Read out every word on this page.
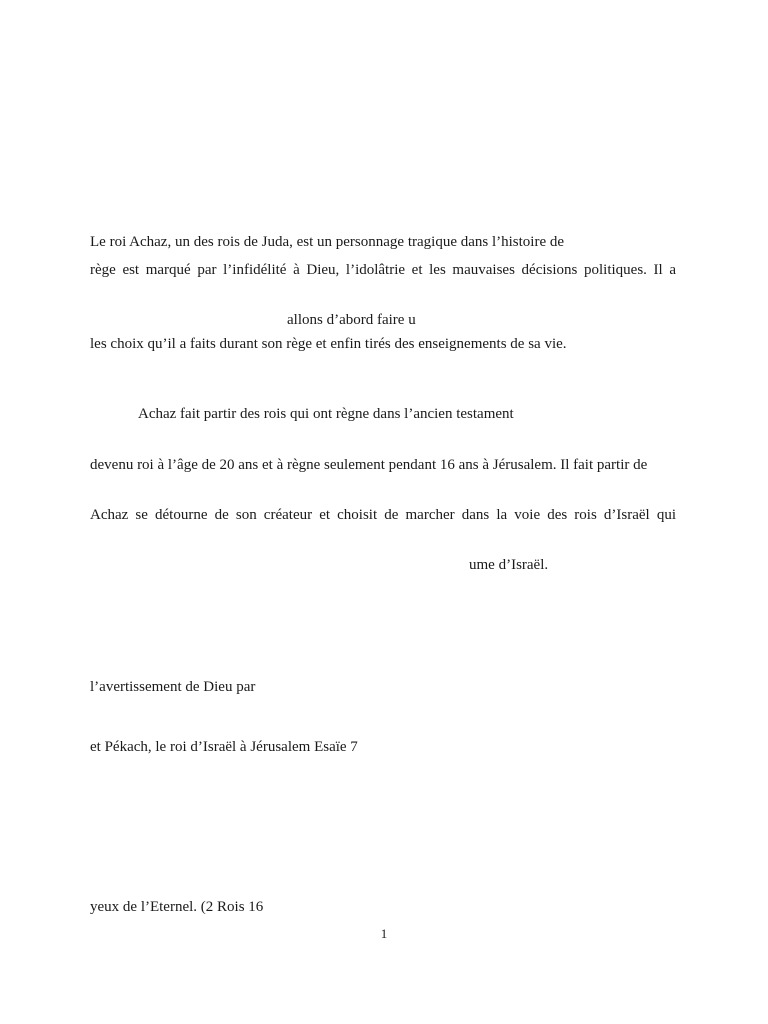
Le roi Achaz, un des rois de Juda, est un personnage tragique dans l’histoire de
rège est marqué par l’infidélité à Dieu, l’idolâtrie et les mauvaises décisions politiques. Il a
allons d’abord faire u
les choix qu’il a faits durant son rège et enfin tirés des enseignements de sa vie.
Achaz fait partir des rois qui ont règne dans l’ancien testament
devenu roi à l’âge de 20 ans et à règne seulement pendant 16 ans à Jérusalem. Il fait partir de
Achaz se détourne de son créateur et choisit de marcher dans la voie des rois d’Israël qui
ume d’Israël.
l’avertissement de Dieu par
et Pékach, le roi d’Israël à Jérusalem Esaïe 7
yeux de l’Eternel. (2 Rois 16
1
